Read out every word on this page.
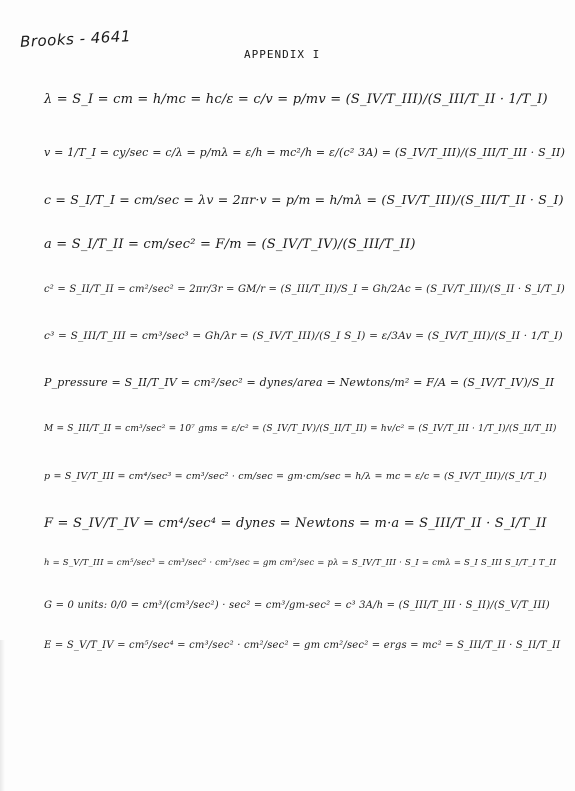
Brooks - 4641
APPENDIX I
λ = S_I = cm = h/mc = hc/ε = c/v = p/mv = (S_IV/T_III)/(S_III/T_II · 1/T_I)
v = 1/T_I = cy/sec = c/λ = p/mλ = ε/h = mc²/h = ε/(c² 3A) = (S_IV/T_III)/(S_III/T_III · S_II)
c = S_I/T_I = cm/sec = λv = 2πr·v = p/m = h/mλ = (S_IV/T_III)/(S_III/T_II · S_I)
a = S_I/T_II = cm/sec² = F/m = (S_IV/T_IV)/(S_III/T_II)
c² = S_II/T_II = cm²/sec² = 2πr/3r = GM/r = (S_III/T_II)/S_I = Gh/2Ac = (S_IV/T_III)/(S_II · S_I/T_I)
c³ = S_III/T_III = cm³/sec³ = Gh/λr = (S_IV/T_III)/(S_I S_I) = ε/3Av = (S_IV/T_III)/(S_II · 1/T_I)
P_pressure = S_II/T_IV = cm²/sec² = dynes/area = Newtons/m² = F/A = (S_IV/T_IV)/S_II
M = S_III/T_II = cm³/sec² = 10⁷ gms = ε/c² = (S_IV/T_IV)/(S_II/T_II) = hv/c² = (S_IV/T_III · 1/T_I)/(S_II/T_II)
p = S_IV/T_III = cm⁴/sec³ = cm³/sec² · cm/sec = gm·cm/sec = h/λ = mc = ε/c = (S_IV/T_III)/(S_I/T_I)
F = S_IV/T_IV = cm⁴/sec⁴ = dynes = Newtons = m·a = S_III/T_II · S_I/T_II
h = S_V/T_III = cm⁵/sec³ = cm³/sec² · cm²/sec = gm cm²/sec = pλ = S_IV/T_III · S_I = cmλ = S_I S_III S_I/T_I T_II
G = 0 units: 0/0 = cm³/(cm³/sec²) · sec² = cm³/gm-sec² = c³ 3A/h = (S_III/T_III · S_II)/(S_V/T_III)
E = S_V/T_IV = cm⁵/sec⁴ = cm³/sec² · cm²/sec² = gm cm²/sec² = ergs = mc² = S_III/T_II · S_II/T_II
